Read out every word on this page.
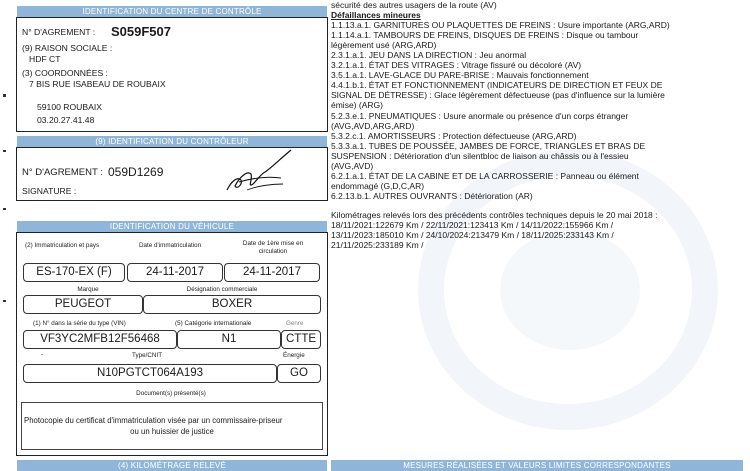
IDENTIFICATION DU CENTRE DE CONTRÔLE
N° D'AGREMENT : S059F507
(9) RAISON SOCIALE :
HDF CT
(3) COORDONNÉES :
7 BIS RUE ISABEAU DE ROUBAIX
59100 ROUBAIX
03.20.27.41.48
(9) IDENTIFICATION DU CONTRÔLEUR
N° D'AGREMENT : 059D1269
SIGNATURE :
IDENTIFICATION DU VÉHICULE
(2) Immatriculation et pays	Date d'immatriculation	Date de 1ère mise en circulation
ES-170-EX (F)	24-11-2017	24-11-2017
Marque	Désignation commerciale
PEUGEOT	BOXER
(1) N° dans la série du type (VIN)	(5) Catégorie internationale	Genre
VF3YC2MFB12F56468	N1	CTTE
-	Type/CNIT	Énergie
N10PGTCT064A193	GO
Document(s) présenté(s)
Photocopie du certificat d'immatriculation visée par un commissaire-priseur
ou un huissier de justice
(4) KILOMÉTRAGE RELEVÉ	MESURES RÉALISÉES ET VALEURS LIMITES CORRESPONDANTES
sécurité des autres usagers de la route (AV)
Défaillances mineures
1.1.13.a.1. GARNITURES OU PLAQUETTES DE FREINS : Usure importante (ARG,ARD)
1.1.14.a.1. TAMBOURS DE FREINS, DISQUES DE FREINS : Disque ou tambour
légèrement usé (ARG,ARD)
2.3.1.a.1. JEU DANS LA DIRECTION : Jeu anormal
3.2.1.a.1. ÉTAT DES VITRAGES : Vitrage fissuré ou décoloré (AV)
3.5.1.a.1. LAVE-GLACE DU PARE-BRISE : Mauvais fonctionnement
4.4.1.b.1. ÉTAT ET FONCTIONNEMENT (INDICATEURS DE DIRECTION ET FEUX DE
SIGNAL DE DÉTRESSE) : Glace légèrement défectueuse (pas d'influence sur la lumière
émise) (ARG)
5.2.3.e.1. PNEUMATIQUES : Usure anormale ou présence d'un corps étranger
(AVG,AVD,ARG,ARD)
5.3.2.c.1. AMORTISSEURS : Protection défectueuse (ARG,ARD)
5.3.3.a.1. TUBES DE POUSSÉE, JAMBES DE FORCE, TRIANGLES ET BRAS DE
SUSPENSION : Détérioration d'un silentbloc de liaison au châssis ou à l'essieu
(AVG,AVD)
6.2.1.a.1. ÉTAT DE LA CABINE ET DE LA CARROSSERIE : Panneau ou élément
endommagé (G,D,C,AR)
6.2.13.b.1. AUTRES OUVRANTS : Détérioration (AR)
Kilométrages relevés lors des précédents contrôles techniques depuis le 20 mai 2018 :
18/11/2021:122679 Km / 22/11/2021:123413 Km / 14/11/2022:155966 Km /
13/11/2023:185010 Km / 24/10/2024:213479 Km / 18/11/2025:233143 Km /
21/11/2025:233189 Km /
